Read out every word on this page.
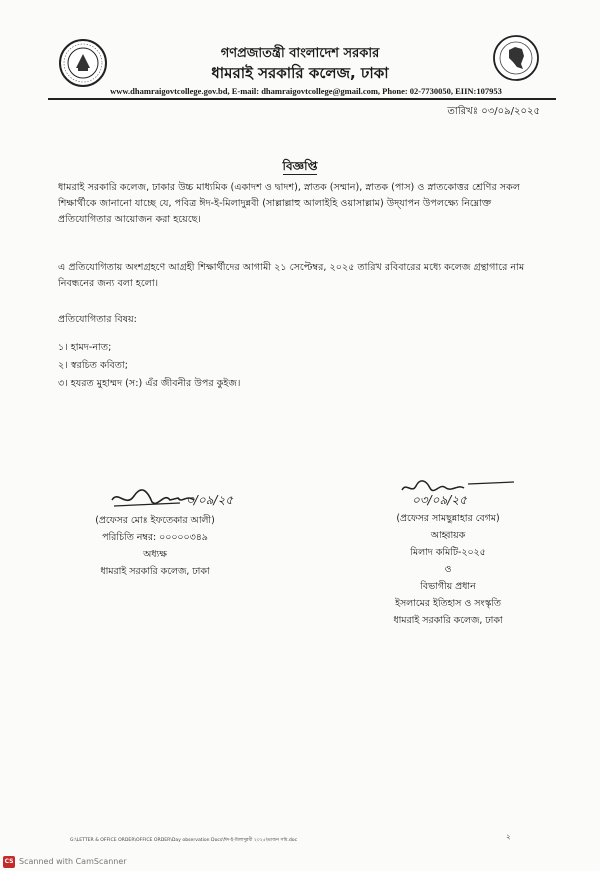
গণপ্রজাতন্ত্রী বাংলাদেশ সরকার
ধামরাই সরকারি কলেজ, ঢাকা
www.dhamraigovtcollege.gov.bd, E-mail: dhamraigovtcollege@gmail.com, Phone: 02-7730050, EIIN:107953
তারিখঃ ০৩/০৯/২০২৫
বিজ্ঞপ্তি
ধামরাই সরকারি কলেজ, ঢাকার উচ্চ মাধ্যমিক (একাদশ ও দ্বাদশ), স্নাতক (সম্মান), স্নাতক (পাস) ও স্নাতকোত্তর শ্রেণির সকল শিক্ষার্থীকে জানানো যাচ্ছে যে, পবিত্র ঈদ-ই-মিলাদুন্নবী (সাল্লাল্লাহু আলাইহি ওয়াসাল্লাম) উদ্‌যাপন উপলক্ষ্যে নিম্নোক্ত প্রতিযোগিতার আয়োজন করা হয়েছে।
এ প্রতিযোগিতায় অংশগ্রহণে আগ্রহী শিক্ষার্থীদের আগামী ২১ সেপ্টেম্বর, ২০২৫ তারিখ রবিবারের মধ্যে কলেজ গ্রন্থাগারে নাম নিবন্ধনের জন্য বলা হলো।
প্রতিযোগিতার বিষয়:
১। হামদ-নাত;
২। স্বরচিত কবিতা;
৩। হযরত মুহাম্মদ (স:) এঁর জীবনীর উপর কুইজ।
৩/০৯/২৫
(প্রফেসর মোঃ ইফতেকার আলী)
পরিচিতি নম্বর: ০০০০০৩৪৯
অধ্যক্ষ
ধামরাই সরকারি কলেজ, ঢাকা
০৩/০৯/২৫
(প্রফেসর সামছুন্নাহার বেগম)
আহ্বায়ক
মিলাদ কমিটি-২০২৫
ও
বিভাগীয় প্রধান
ইসলামের ইতিহাস ও সংস্কৃতি
ধামরাই সরকারি কলেজ, ঢাকা
G:\LETTER & OFFICE ORDER\OFFICE ORDER\Day observation Docs\ঈদ-ই-মিলাদুন্নবী ২০২৫\ভাজন সমি.doc	২
CS Scanned with CamScanner
